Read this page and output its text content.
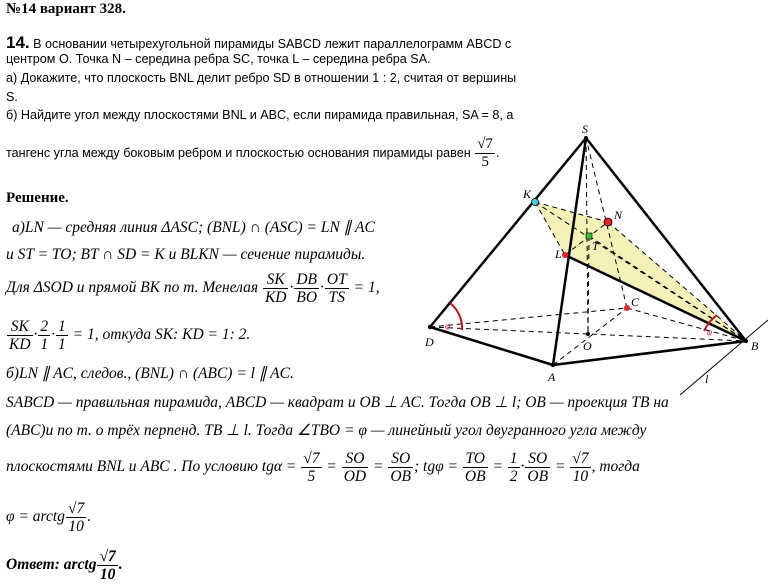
№14 вариант 328.
14. В основании четырехугольной пирамиды SABCD лежит параллелограмм ABCD с
центром O. Точка N – середина ребра SC, точка L – середина ребра SA.
а) Докажите, что плоскость BNL делит ребро SD в отношении 1 : 2, считая от вершины
S.
б) Найдите угол между плоскостями BNL и ABC, если пирамида правильная, SA = 8, а
тангенс угла между боковым ребром и плоскостью основания пирамиды равен $\frac{√7}{5}$ .
S
K
N
T
L
C
D	O
A
B
l
φ
φ
Решение.
а)LN — средняя линия ΔASC; (BNL) ∩ (ASC) = LN ∥ AC
и ST = TO; BT ∩ SD = K и BLKN — сечение пирамиды.
Для ΔSOD и прямой BK по т. Менелая $\frac{SK}{KD} \cdot \frac{DB}{BO} \cdot \frac{OT}{TS} = 1$,
$\frac{SK}{KD} \cdot \frac{2}{1} \cdot \frac{1}{1} = 1$, откуда SK: KD = 1: 2.
б)LN ∥ AC, следов., (BNL) ∩ (ABC) = l ∥ AC.
SABCD — правильная пирамида, ABCD — квадрат и OB ⊥ AC. Тогда OB ⊥ l; OB — проекция TB на
(ABC)и по т. о трёх перпенд. TB ⊥ l. Тогда ∠TBO = φ — линейный угол двугранного угла между
плоскостями BNL и ABC . По условию $tg\alpha = \frac{√7}{5} = \frac{SO}{OD} = \frac{SO}{OB}$ ; $tg\varphi = \frac{TO}{OB} = \frac{1}{2} \cdot \frac{SO}{OB} = \frac{√7}{10}$ , тогда
φ = arctg $\frac{√7}{10}$ .
Ответ: arctg $\frac{√7}{10}$ .
